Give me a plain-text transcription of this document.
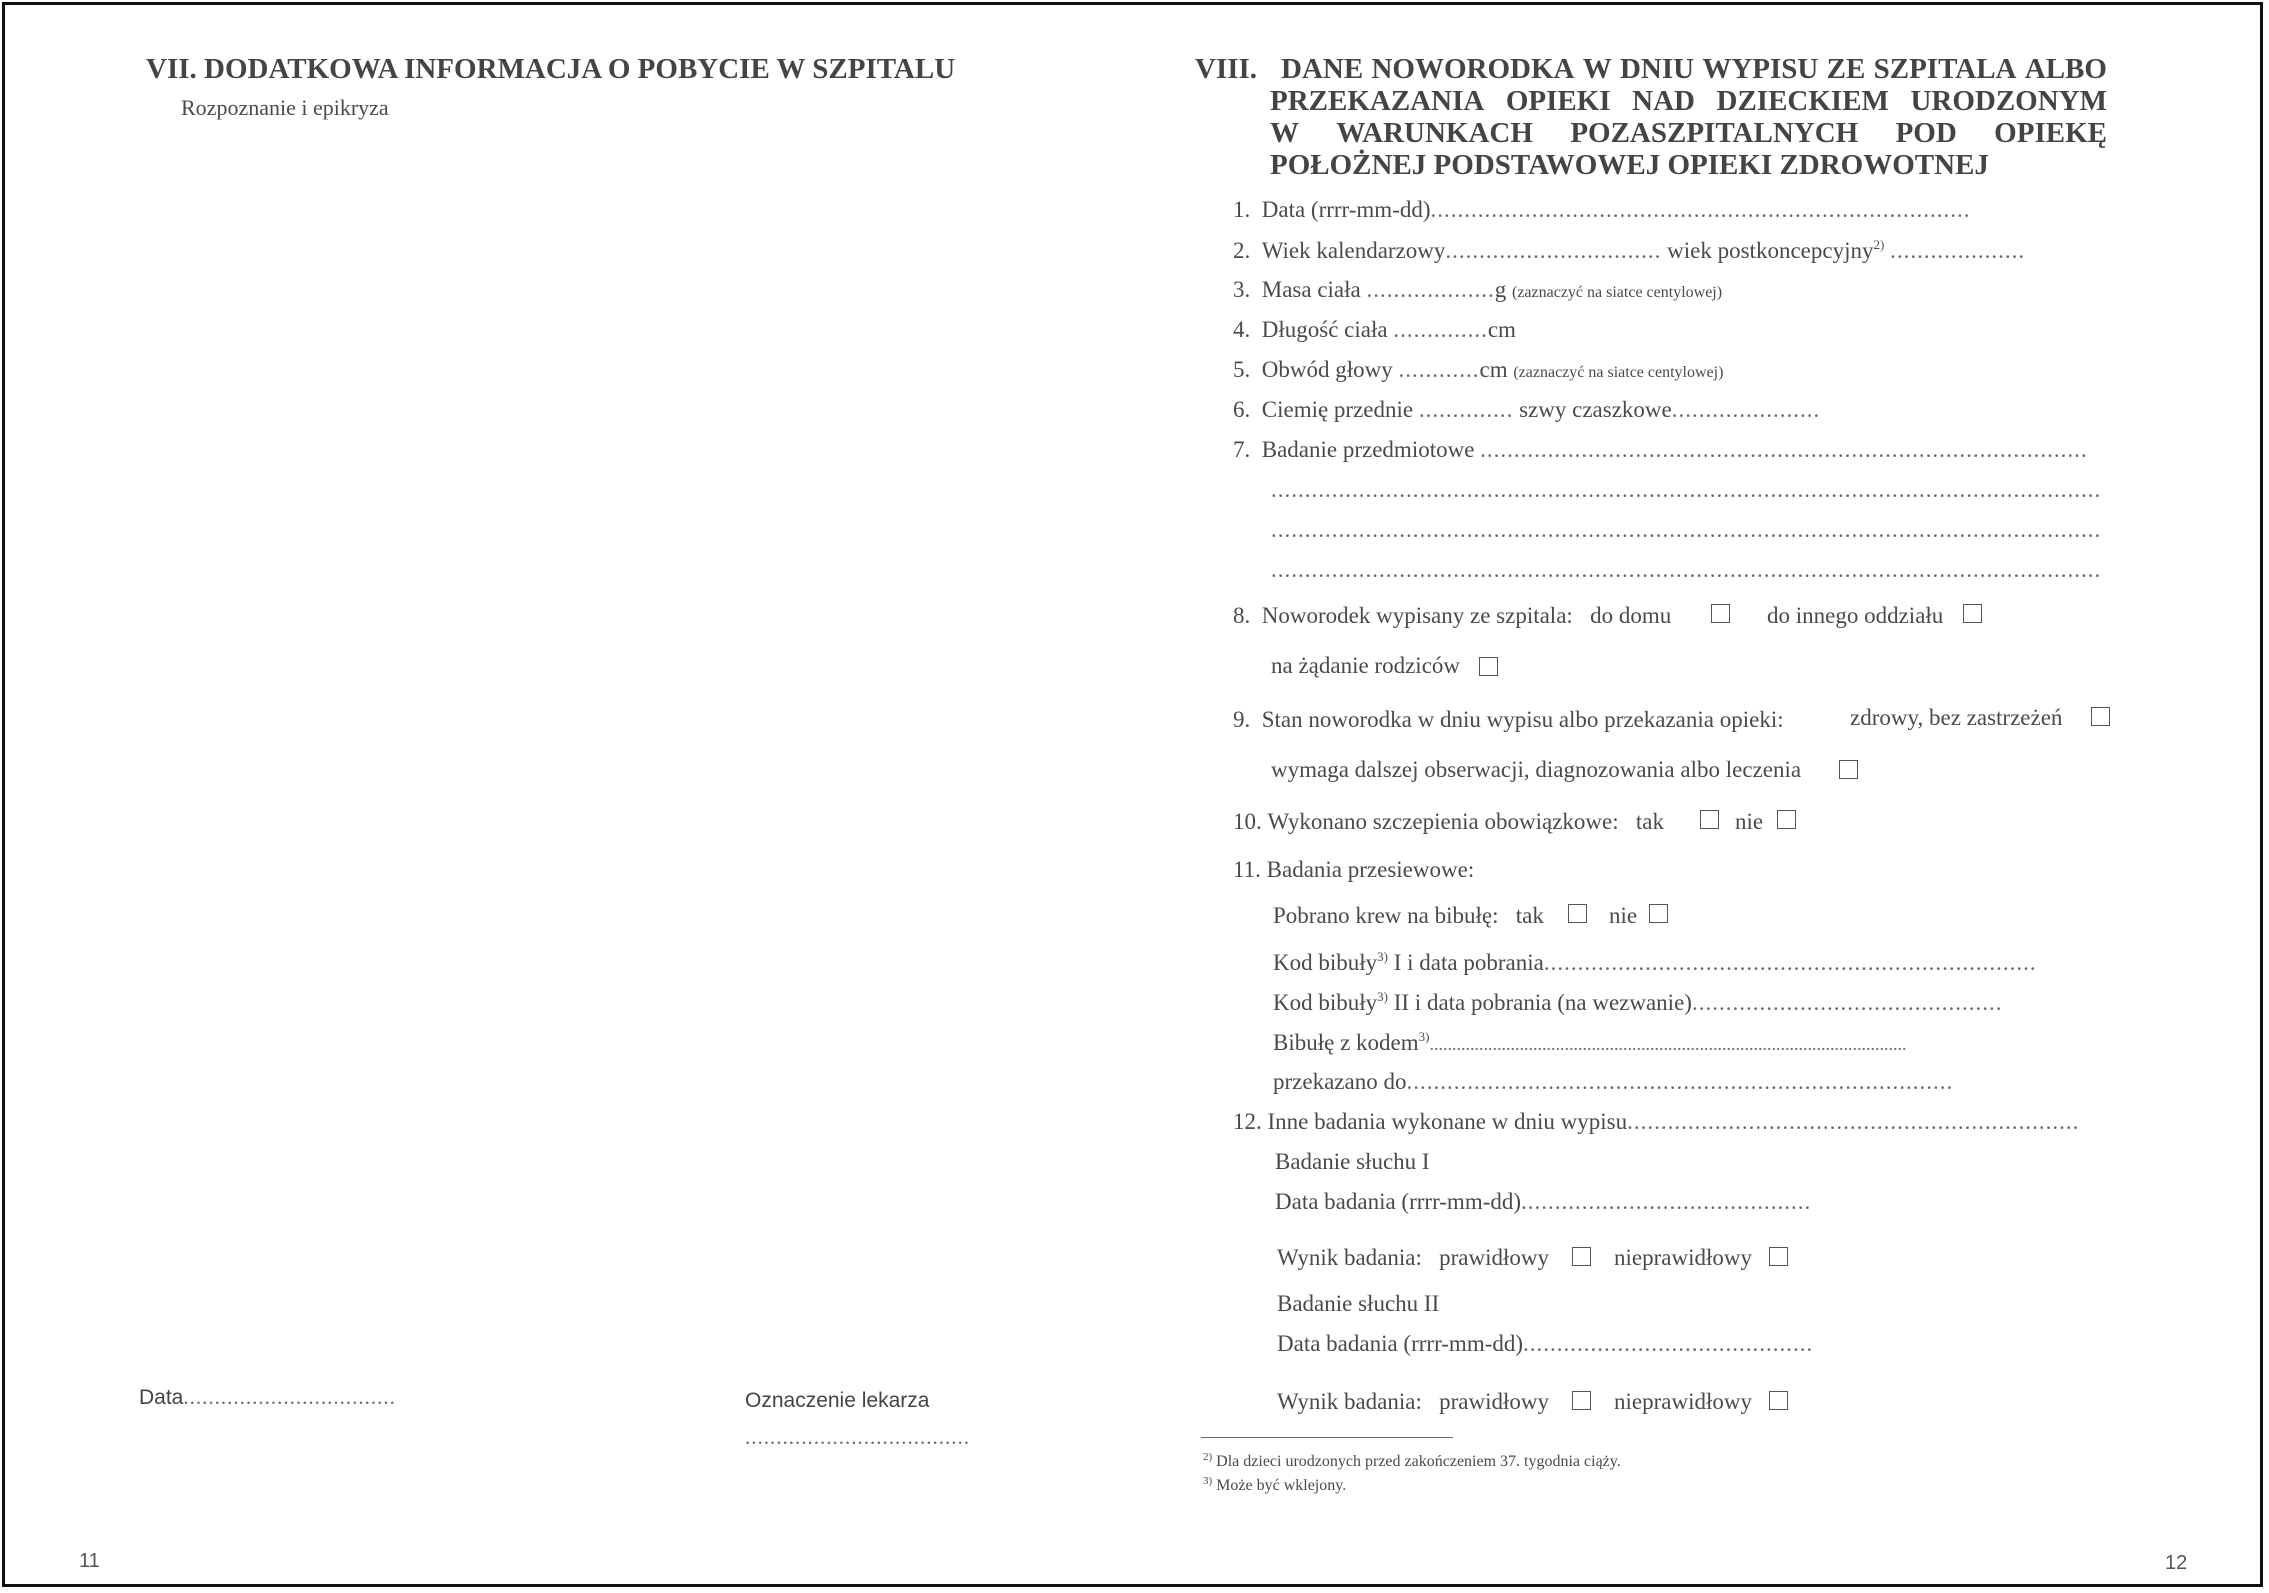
VII. DODATKOWA INFORMACJA O POBYCIE W SZPITALU
Rozpoznanie i epikryza
Data..................................	Oznaczenie lekarza
....................................
11
VIII. DANE NOWORODKA W DNIU WYPISU ZE SZPITALA ALBO
PRZEKAZANIA OPIEKI NAD DZIECKIEM URODZONYM
W WARUNKACH POZASZPITALNYCH POD OPIEKĘ
POŁOŻNEJ PODSTAWOWEJ OPIEKI ZDROWOTNEJ
1. Data (rrrr-mm-dd)................................................................................
2. Wiek kalendarzowy................................ wiek postkoncepcyjny$^{2)}$ ....................
3. Masa ciała ...................g (zaznaczyć na siatce centylowej)
4. Długość ciała ..............cm
5. Obwód głowy ............cm (zaznaczyć na siatce centylowej)
6. Ciemię przednie .............. szwy czaszkowe......................
7. Badanie przedmiotowe ..........................................................................................
...........................................................................................................................
...........................................................................................................................
...........................................................................................................................
8. Noworodek wypisany ze szpitala: do domu	do innego oddziału
na żądanie rodziców
9. Stan noworodka w dniu wypisu albo przekazania opieki:	zdrowy, bez zastrzeżeń
wymaga dalszej obserwacji, diagnozowania albo leczenia
10. Wykonano szczepienia obowiązkowe: tak	nie
11. Badania przesiewowe:
Pobrano krew na bibułę: tak	nie
Kod bibuły$^{3)}$ I i data pobrania.........................................................................
Kod bibuły$^{3)}$ II i data pobrania (na wezwanie)..............................................
Bibułę z kodem$^{3)}$..........................................................................................................
przekazano do.................................................................................
12. Inne badania wykonane w dniu wypisu...................................................................
Badanie słuchu I
Data badania (rrrr-mm-dd)...........................................
Wynik badania: prawidłowy	nieprawidłowy
Badanie słuchu II
Data badania (rrrr-mm-dd)...........................................
Wynik badania: prawidłowy	nieprawidłowy
$^{2)}$ Dla dzieci urodzonych przed zakończeniem 37. tygodnia ciąży.
$^{3)}$ Może być wklejony.
12
